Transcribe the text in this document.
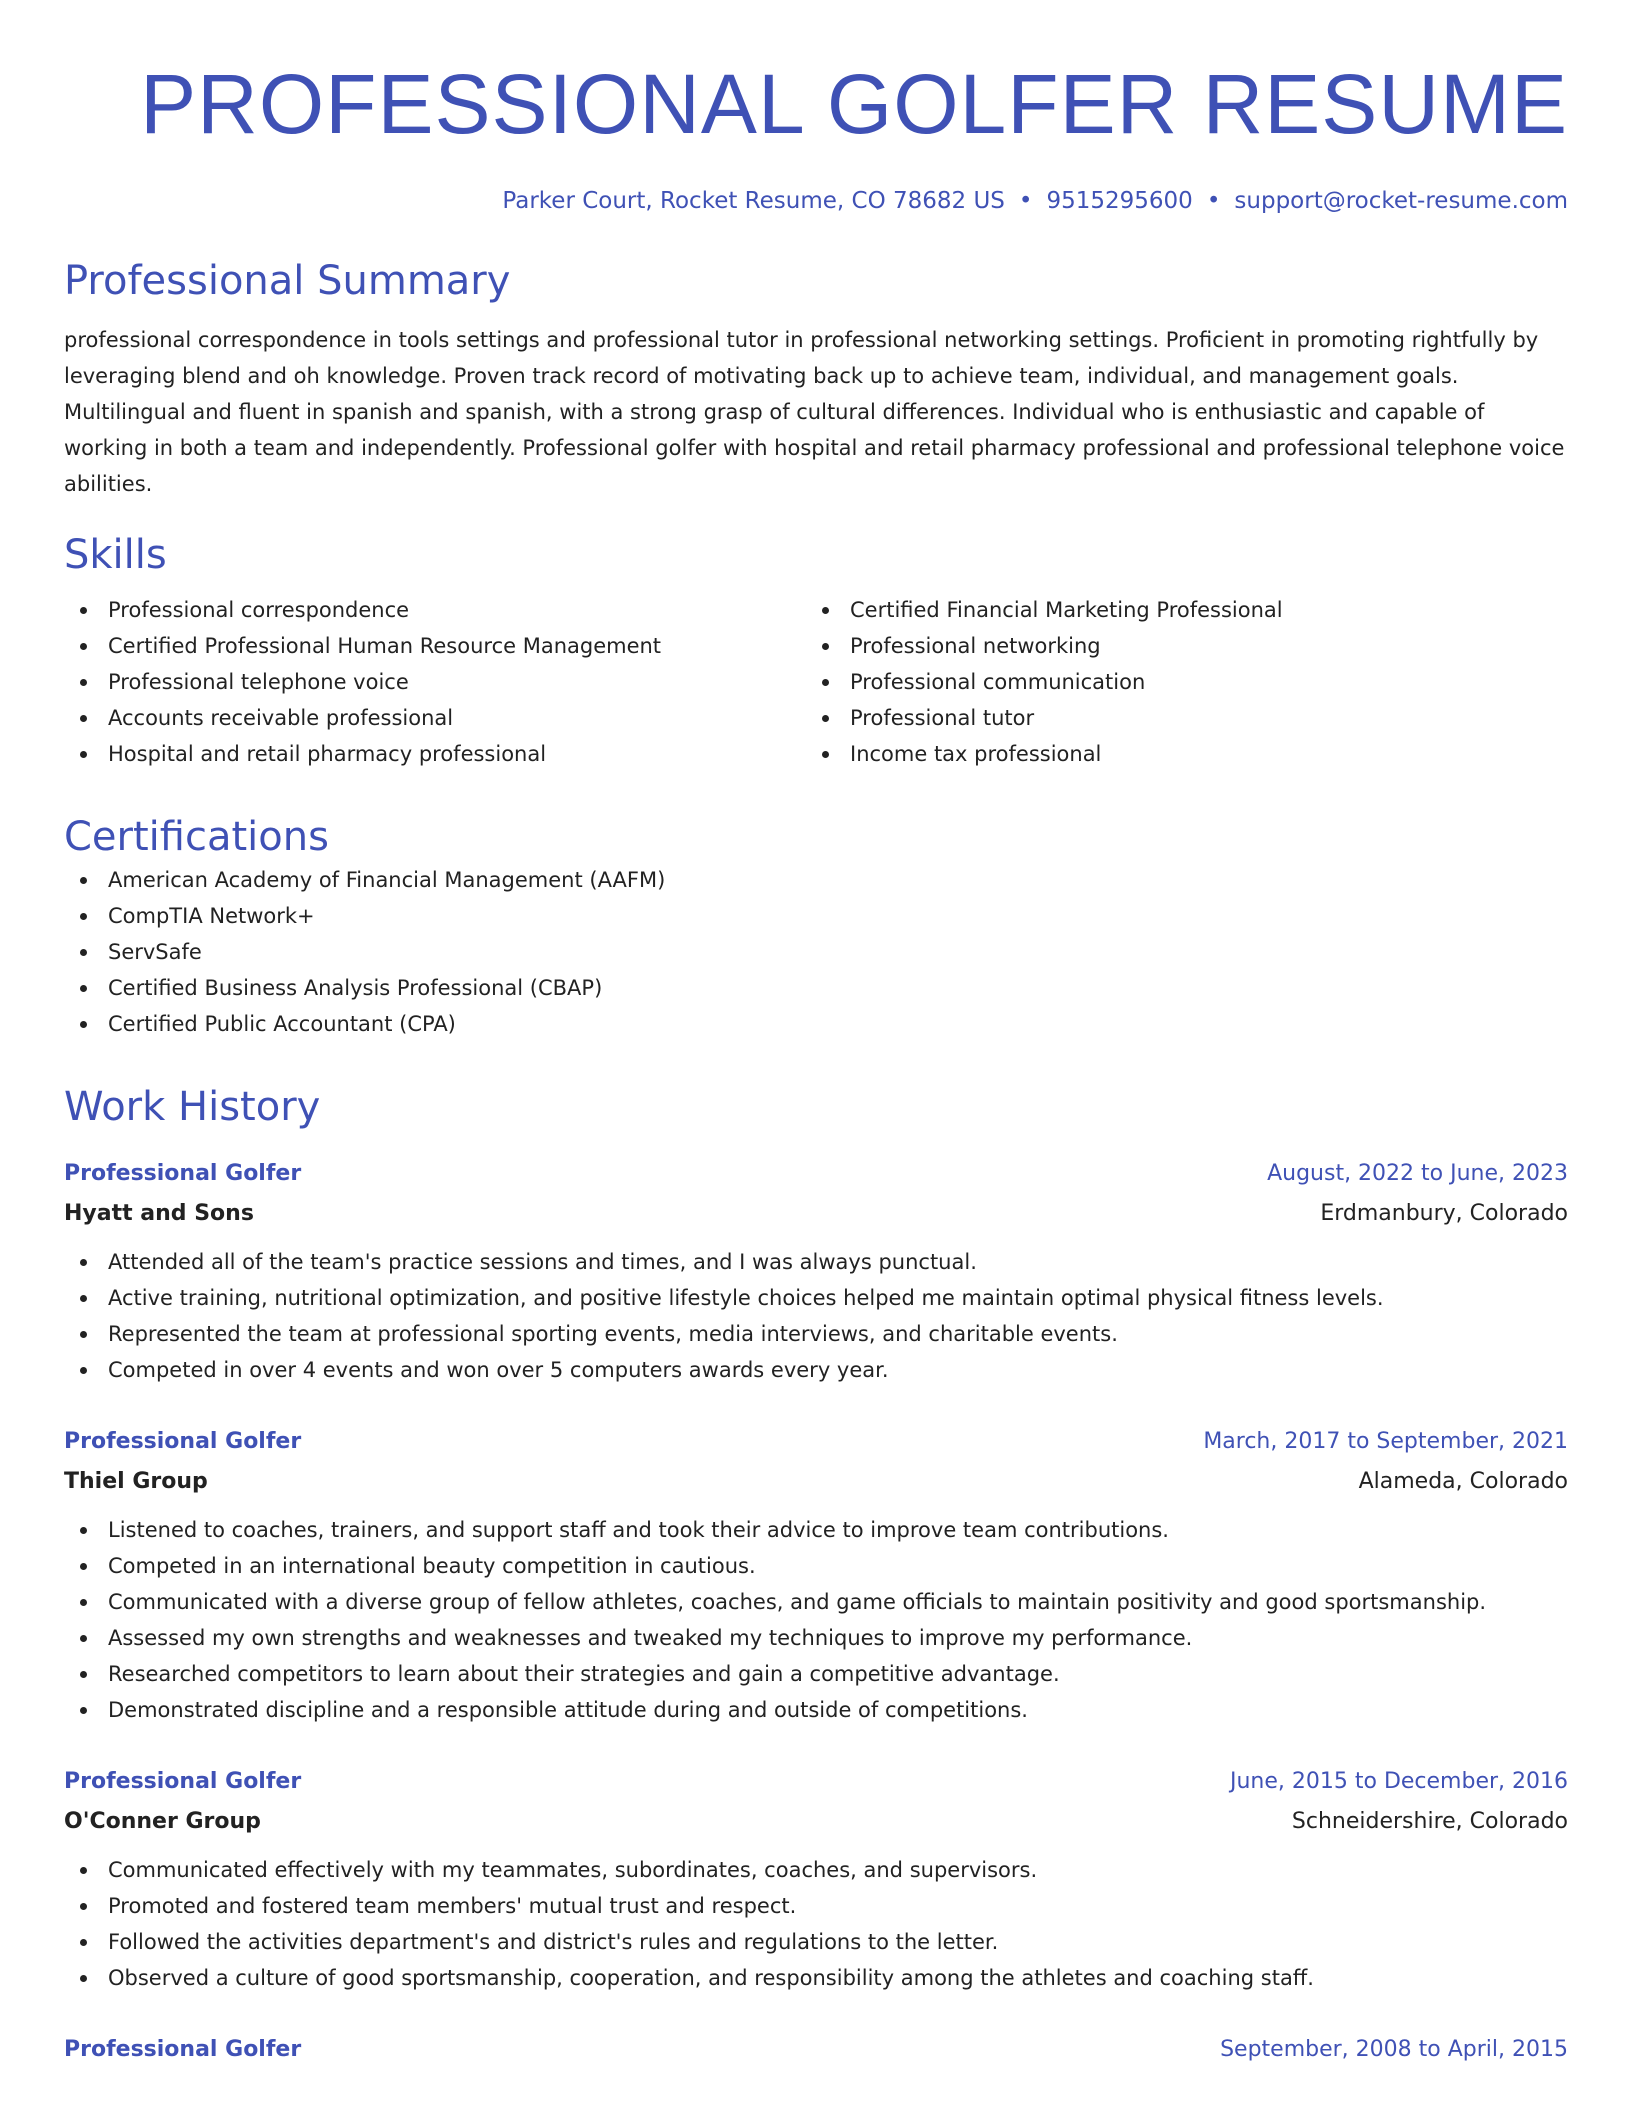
PROFESSIONAL GOLFER RESUME
Parker Court, Rocket Resume, CO 78682 US • 9515295600 • support@rocket-resume.com
Professional Summary
professional correspondence in tools settings and professional tutor in professional networking settings. Proficient in promoting rightfully by leveraging blend and oh knowledge. Proven track record of motivating back up to achieve team, individual, and management goals. Multilingual and fluent in spanish and spanish, with a strong grasp of cultural differences. Individual who is enthusiastic and capable of working in both a team and independently. Professional golfer with hospital and retail pharmacy professional and professional telephone voice abilities.
Skills
Professional correspondence
Certified Professional Human Resource Management
Professional telephone voice
Accounts receivable professional
Hospital and retail pharmacy professional
Certified Financial Marketing Professional
Professional networking
Professional communication
Professional tutor
Income tax professional
Certifications
American Academy of Financial Management (AAFM)
CompTIA Network+
ServSafe
Certified Business Analysis Professional (CBAP)
Certified Public Accountant (CPA)
Work History
Professional Golfer	August, 2022 to June, 2023
Hyatt and Sons	Erdmanbury, Colorado
Attended all of the team's practice sessions and times, and I was always punctual.
Active training, nutritional optimization, and positive lifestyle choices helped me maintain optimal physical fitness levels.
Represented the team at professional sporting events, media interviews, and charitable events.
Competed in over 4 events and won over 5 computers awards every year.
Professional Golfer	March, 2017 to September, 2021
Thiel Group	Alameda, Colorado
Listened to coaches, trainers, and support staff and took their advice to improve team contributions.
Competed in an international beauty competition in cautious.
Communicated with a diverse group of fellow athletes, coaches, and game officials to maintain positivity and good sportsmanship.
Assessed my own strengths and weaknesses and tweaked my techniques to improve my performance.
Researched competitors to learn about their strategies and gain a competitive advantage.
Demonstrated discipline and a responsible attitude during and outside of competitions.
Professional Golfer	June, 2015 to December, 2016
O'Conner Group	Schneidershire, Colorado
Communicated effectively with my teammates, subordinates, coaches, and supervisors.
Promoted and fostered team members' mutual trust and respect.
Followed the activities department's and district's rules and regulations to the letter.
Observed a culture of good sportsmanship, cooperation, and responsibility among the athletes and coaching staff.
Professional Golfer	September, 2008 to April, 2015
